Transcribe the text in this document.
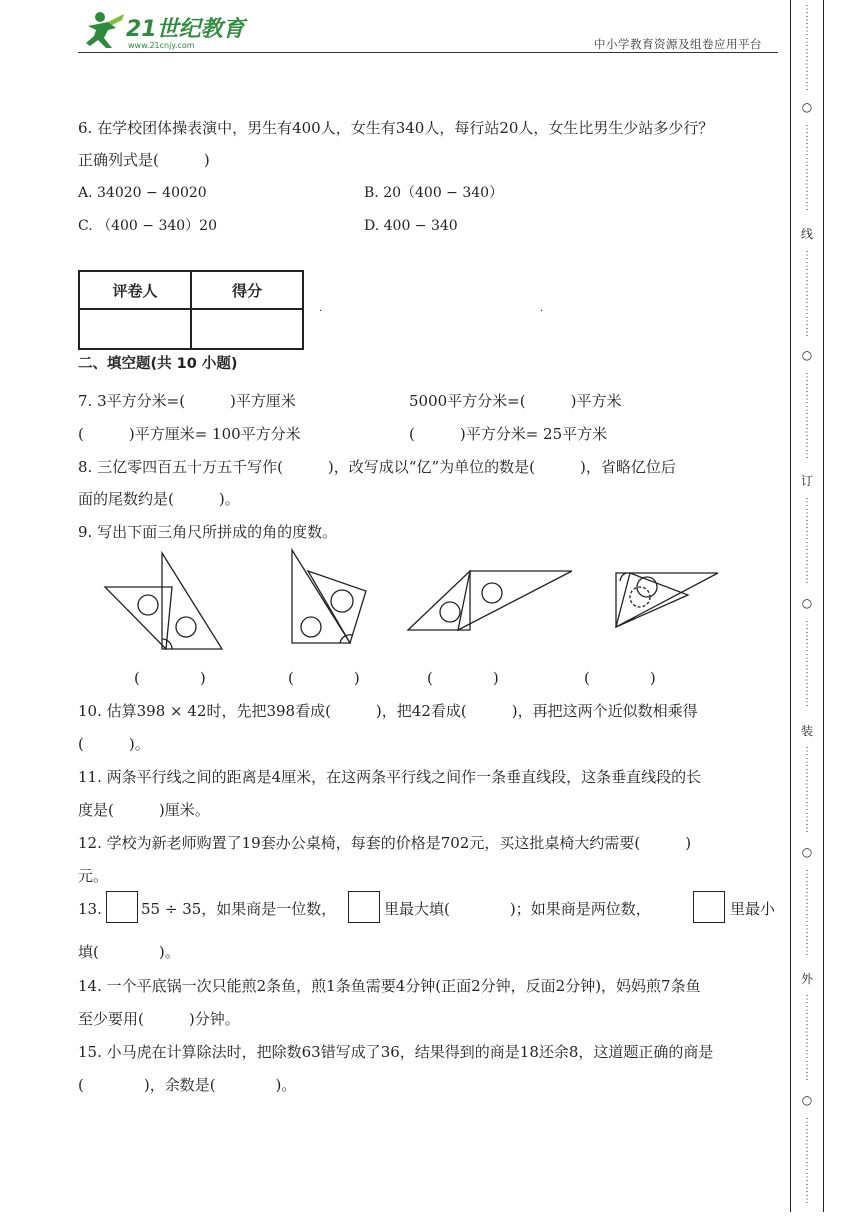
21世纪教育
www.21cnjy.com	中小学教育资源及组卷应用平台
⋮
⋮
⋮
⋮
⋮
⋮
⋮
⋮
○
⋮
⋮
⋮
⋮
⋮
⋮
⋮
⋮
线
⋮
⋮
⋮
⋮
⋮
⋮
⋮
⋮
○
⋮
⋮
⋮
⋮
⋮
⋮
⋮
⋮
订
⋮
⋮
⋮
⋮
⋮
⋮
⋮
⋮
○
⋮
⋮
⋮
⋮
⋮
⋮
⋮
⋮
装
⋮
⋮
⋮
⋮
⋮
⋮
⋮
⋮
○
⋮
⋮
⋮
⋮
⋮
⋮
⋮
⋮
外
⋮
⋮
⋮
⋮
⋮
⋮
⋮
⋮
○
⋮
⋮
⋮
⋮
⋮
⋮
⋮
⋮
6. 在学校团体操表演中，男生有400人，女生有340人，每行站20人，女生比男生少站多少行？
正确列式是(　　　)
A. 34020 − 40020	B. 20（400 − 340）
C. （400 − 340）20	D. 400 − 340
评卷人	得分

·	·
二、填空题(共 10 小题)
7. 3平方分米=(　　　)平方厘米	5000平方分米=(　　　)平方米
(　　　)平方厘米= 100平方分米	(　　　)平方分米= 25平方米
8. 三亿零四百五十万五千写作(　　　)，改写成以“亿”为单位的数是(　　　)，省略亿位后
面的尾数约是(　　　)。
9. 写出下面三角尺所拼成的角的度数。
(　　　　)	(　　　　)	(　　　　)	(　　　　)
10. 估算398 × 42时，先把398看成(　　　)，把42看成(　　　)，再把这两个近似数相乘得
(　　　)。
11. 两条平行线之间的距离是4厘米，在这两条平行线之间作一条垂直线段，这条垂直线段的长
度是(　　　)厘米。
12. 学校为新老师购置了19套办公桌椅，每套的价格是702元，买这批桌椅大约需要(　　　)
元。
13.	55 ÷ 35，如果商是一位数，	里最大填(　　　　)；如果商是两位数，	里最小
填(　　　　)。
14. 一个平底锅一次只能煎2条鱼，煎1条鱼需要4分钟(正面2分钟，反面2分钟)，妈妈煎7条鱼
至少要用(　　　)分钟。
15. 小马虎在计算除法时，把除数63错写成了36，结果得到的商是18还余8，这道题正确的商是
(　　　　)，余数是(　　　　)。
